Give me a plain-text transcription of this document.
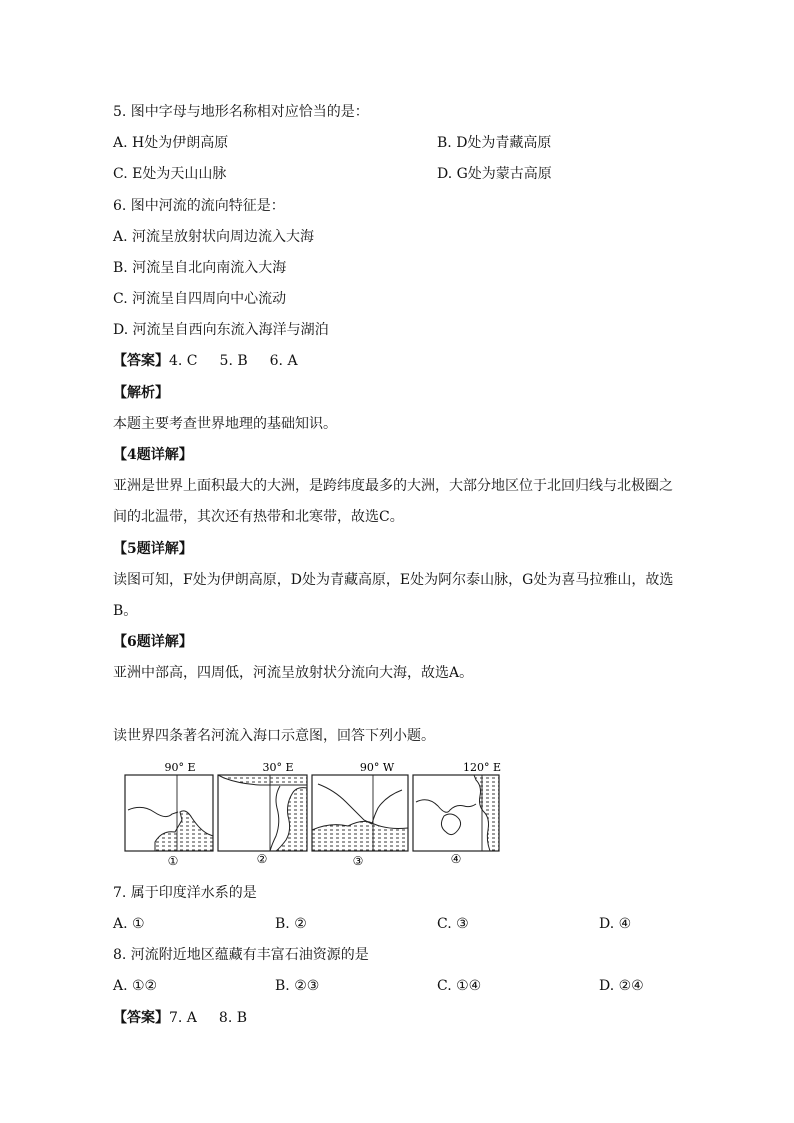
5. 图中字母与地形名称相对应恰当的是：
A. H处为伊朗高原	B. D处为青藏高原
C. E处为天山山脉	D. G处为蒙古高原
6. 图中河流的流向特征是：
A. 河流呈放射状向周边流入大海
B. 河流呈自北向南流入大海
C. 河流呈自四周向中心流动
D. 河流呈自西向东流入海洋与湖泊
【答案】4. C 5. B 6. A
【解析】
本题主要考查世界地理的基础知识。
【4题详解】
亚洲是世界上面积最大的大洲，是跨纬度最多的大洲，大部分地区位于北回归线与北极圈之
间的北温带，其次还有热带和北寒带，故选C。
【5题详解】
读图可知，F处为伊朗高原，D处为青藏高原，E处为阿尔泰山脉，G处为喜马拉雅山，故选
B。
【6题详解】
亚洲中部高，四周低，河流呈放射状分流向大海，故选A。
读世界四条著名河流入海口示意图，回答下列小题。
90° E
①
30° E
②
90° W
③
120° E
④
7. 属于印度洋水系的是
A. ①	B. ②	C. ③	D. ④
8. 河流附近地区蕴藏有丰富石油资源的是
A. ①②	B. ②③	C. ①④	D. ②④
【答案】7. A 8. B
